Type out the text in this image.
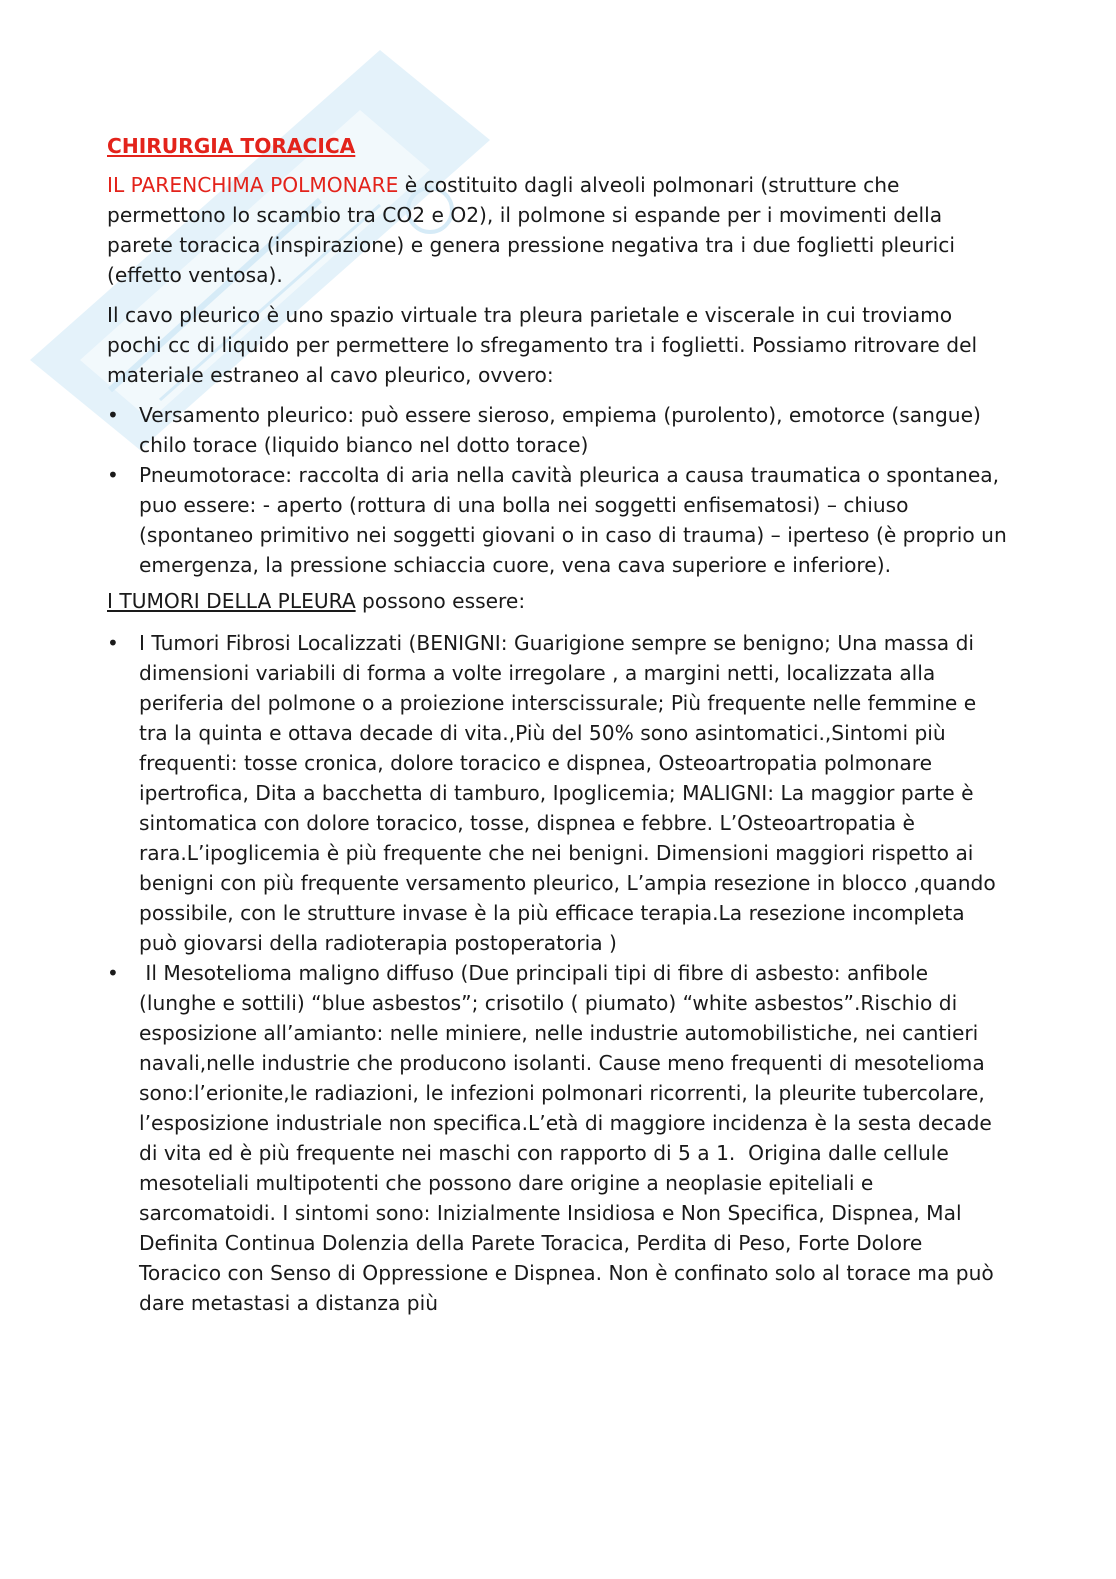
CHIRURGIA TORACICA

IL PARENCHIMA POLMONARE è costituito dagli alveoli polmonari (strutture che permettono lo scambio tra CO2 e O2), il polmone si espande per i movimenti della parete toracica (inspirazione) e genera pressione negativa tra i due foglietti pleurici (effetto ventosa).

Il cavo pleurico è uno spazio virtuale tra pleura parietale e viscerale in cui troviamo pochi cc di liquido per permettere lo sfregamento tra i foglietti. Possiamo ritrovare del materiale estraneo al cavo pleurico, ovvero:

• Versamento pleurico: può essere sieroso, empiema (purolento), emotorce (sangue) chilo torace (liquido bianco nel dotto torace)
• Pneumotorace: raccolta di aria nella cavità pleurica a causa traumatica o spontanea, puo essere: - aperto (rottura di una bolla nei soggetti enfisematosi) – chiuso (spontaneo primitivo nei soggetti giovani o in caso di trauma) – iperteso (è proprio un emergenza, la pressione schiaccia cuore, vena cava superiore e inferiore).

I TUMORI DELLA PLEURA possono essere:

• I Tumori Fibrosi Localizzati (BENIGNI: Guarigione sempre se benigno; Una massa di dimensioni variabili di forma a volte irregolare , a margini netti, localizzata alla periferia del polmone o a proiezione interscissurale; Più frequente nelle femmine e tra la quinta e ottava decade di vita.,Più del 50% sono asintomatici.,Sintomi più frequenti: tosse cronica, dolore toracico e dispnea, Osteoartropatia polmonare ipertrofica, Dita a bacchetta di tamburo, Ipoglicemia; MALIGNI: La maggior parte è sintomatica con dolore toracico, tosse, dispnea e febbre. L’Osteoartropatia è rara.L’ipoglicemia è più frequente che nei benigni. Dimensioni maggiori rispetto ai benigni con più frequente versamento pleurico, L’ampia resezione in blocco ,quando possibile, con le strutture invase è la più efficace terapia.La resezione incompleta può giovarsi della radioterapia postoperatoria )
•  Il Mesotelioma maligno diffuso (Due principali tipi di fibre di asbesto: anfibole (lunghe e sottili) “blue asbestos”; crisotilo ( piumato) “white asbestos”.Rischio di esposizione all’amianto: nelle miniere, nelle industrie automobilistiche, nei cantieri navali,nelle industrie che producono isolanti. Cause meno frequenti di mesotelioma sono:l’erionite,le radiazioni, le infezioni polmonari ricorrenti, la pleurite tubercolare, l’esposizione industriale non specifica.L’età di maggiore incidenza è la sesta decade di vita ed è più frequente nei maschi con rapporto di 5 a 1.  Origina dalle cellule mesoteliali multipotenti che possono dare origine a neoplasie epiteliali e sarcomatoidi. I sintomi sono: Inizialmente Insidiosa e Non Specifica, Dispnea, Mal Definita Continua Dolenzia della Parete Toracica, Perdita di Peso, Forte Dolore Toracico con Senso di Oppressione e Dispnea. Non è confinato solo al torace ma può dare metastasi a distanza più
